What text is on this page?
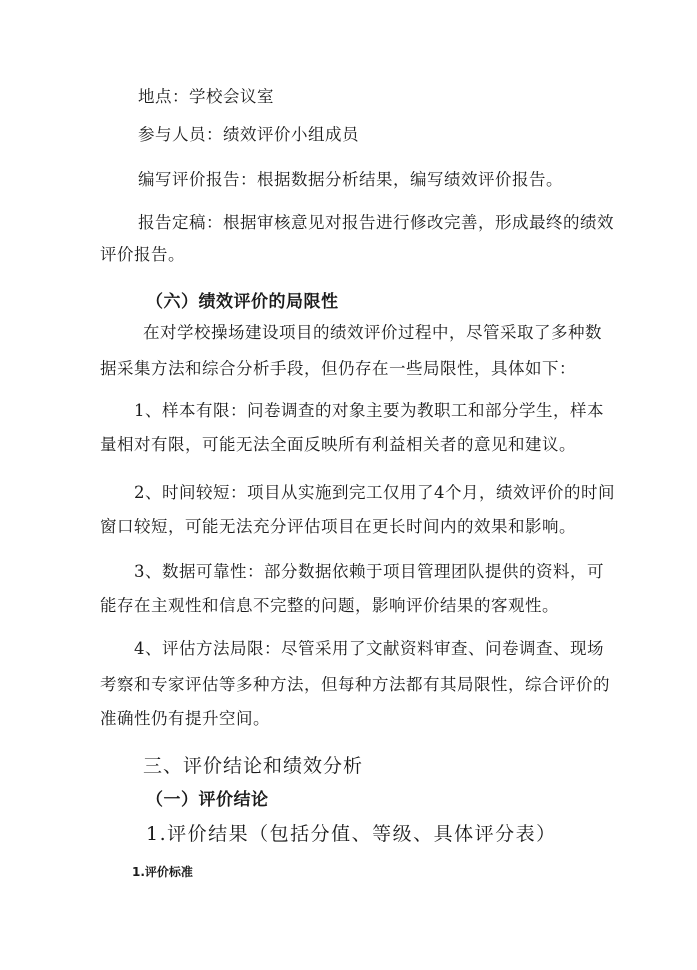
地点：学校会议室
参与人员：绩效评价小组成员
编写评价报告：根据数据分析结果，编写绩效评价报告。
报告定稿：根据审核意见对报告进行修改完善，形成最终的绩效
评价报告。
（六）绩效评价的局限性
在对学校操场建设项目的绩效评价过程中，尽管采取了多种数
据采集方法和综合分析手段，但仍存在一些局限性，具体如下：
1、样本有限：问卷调查的对象主要为教职工和部分学生，样本
量相对有限，可能无法全面反映所有利益相关者的意见和建议。
2、时间较短：项目从实施到完工仅用了4个月，绩效评价的时间
窗口较短，可能无法充分评估项目在更长时间内的效果和影响。
3、数据可靠性：部分数据依赖于项目管理团队提供的资料，可
能存在主观性和信息不完整的问题，影响评价结果的客观性。
4、评估方法局限：尽管采用了文献资料审查、问卷调查、现场
考察和专家评估等多种方法，但每种方法都有其局限性，综合评价的
准确性仍有提升空间。
三、评价结论和绩效分析
（一）评价结论
1.评价结果（包括分值、等级、具体评分表）
1.评价标准
